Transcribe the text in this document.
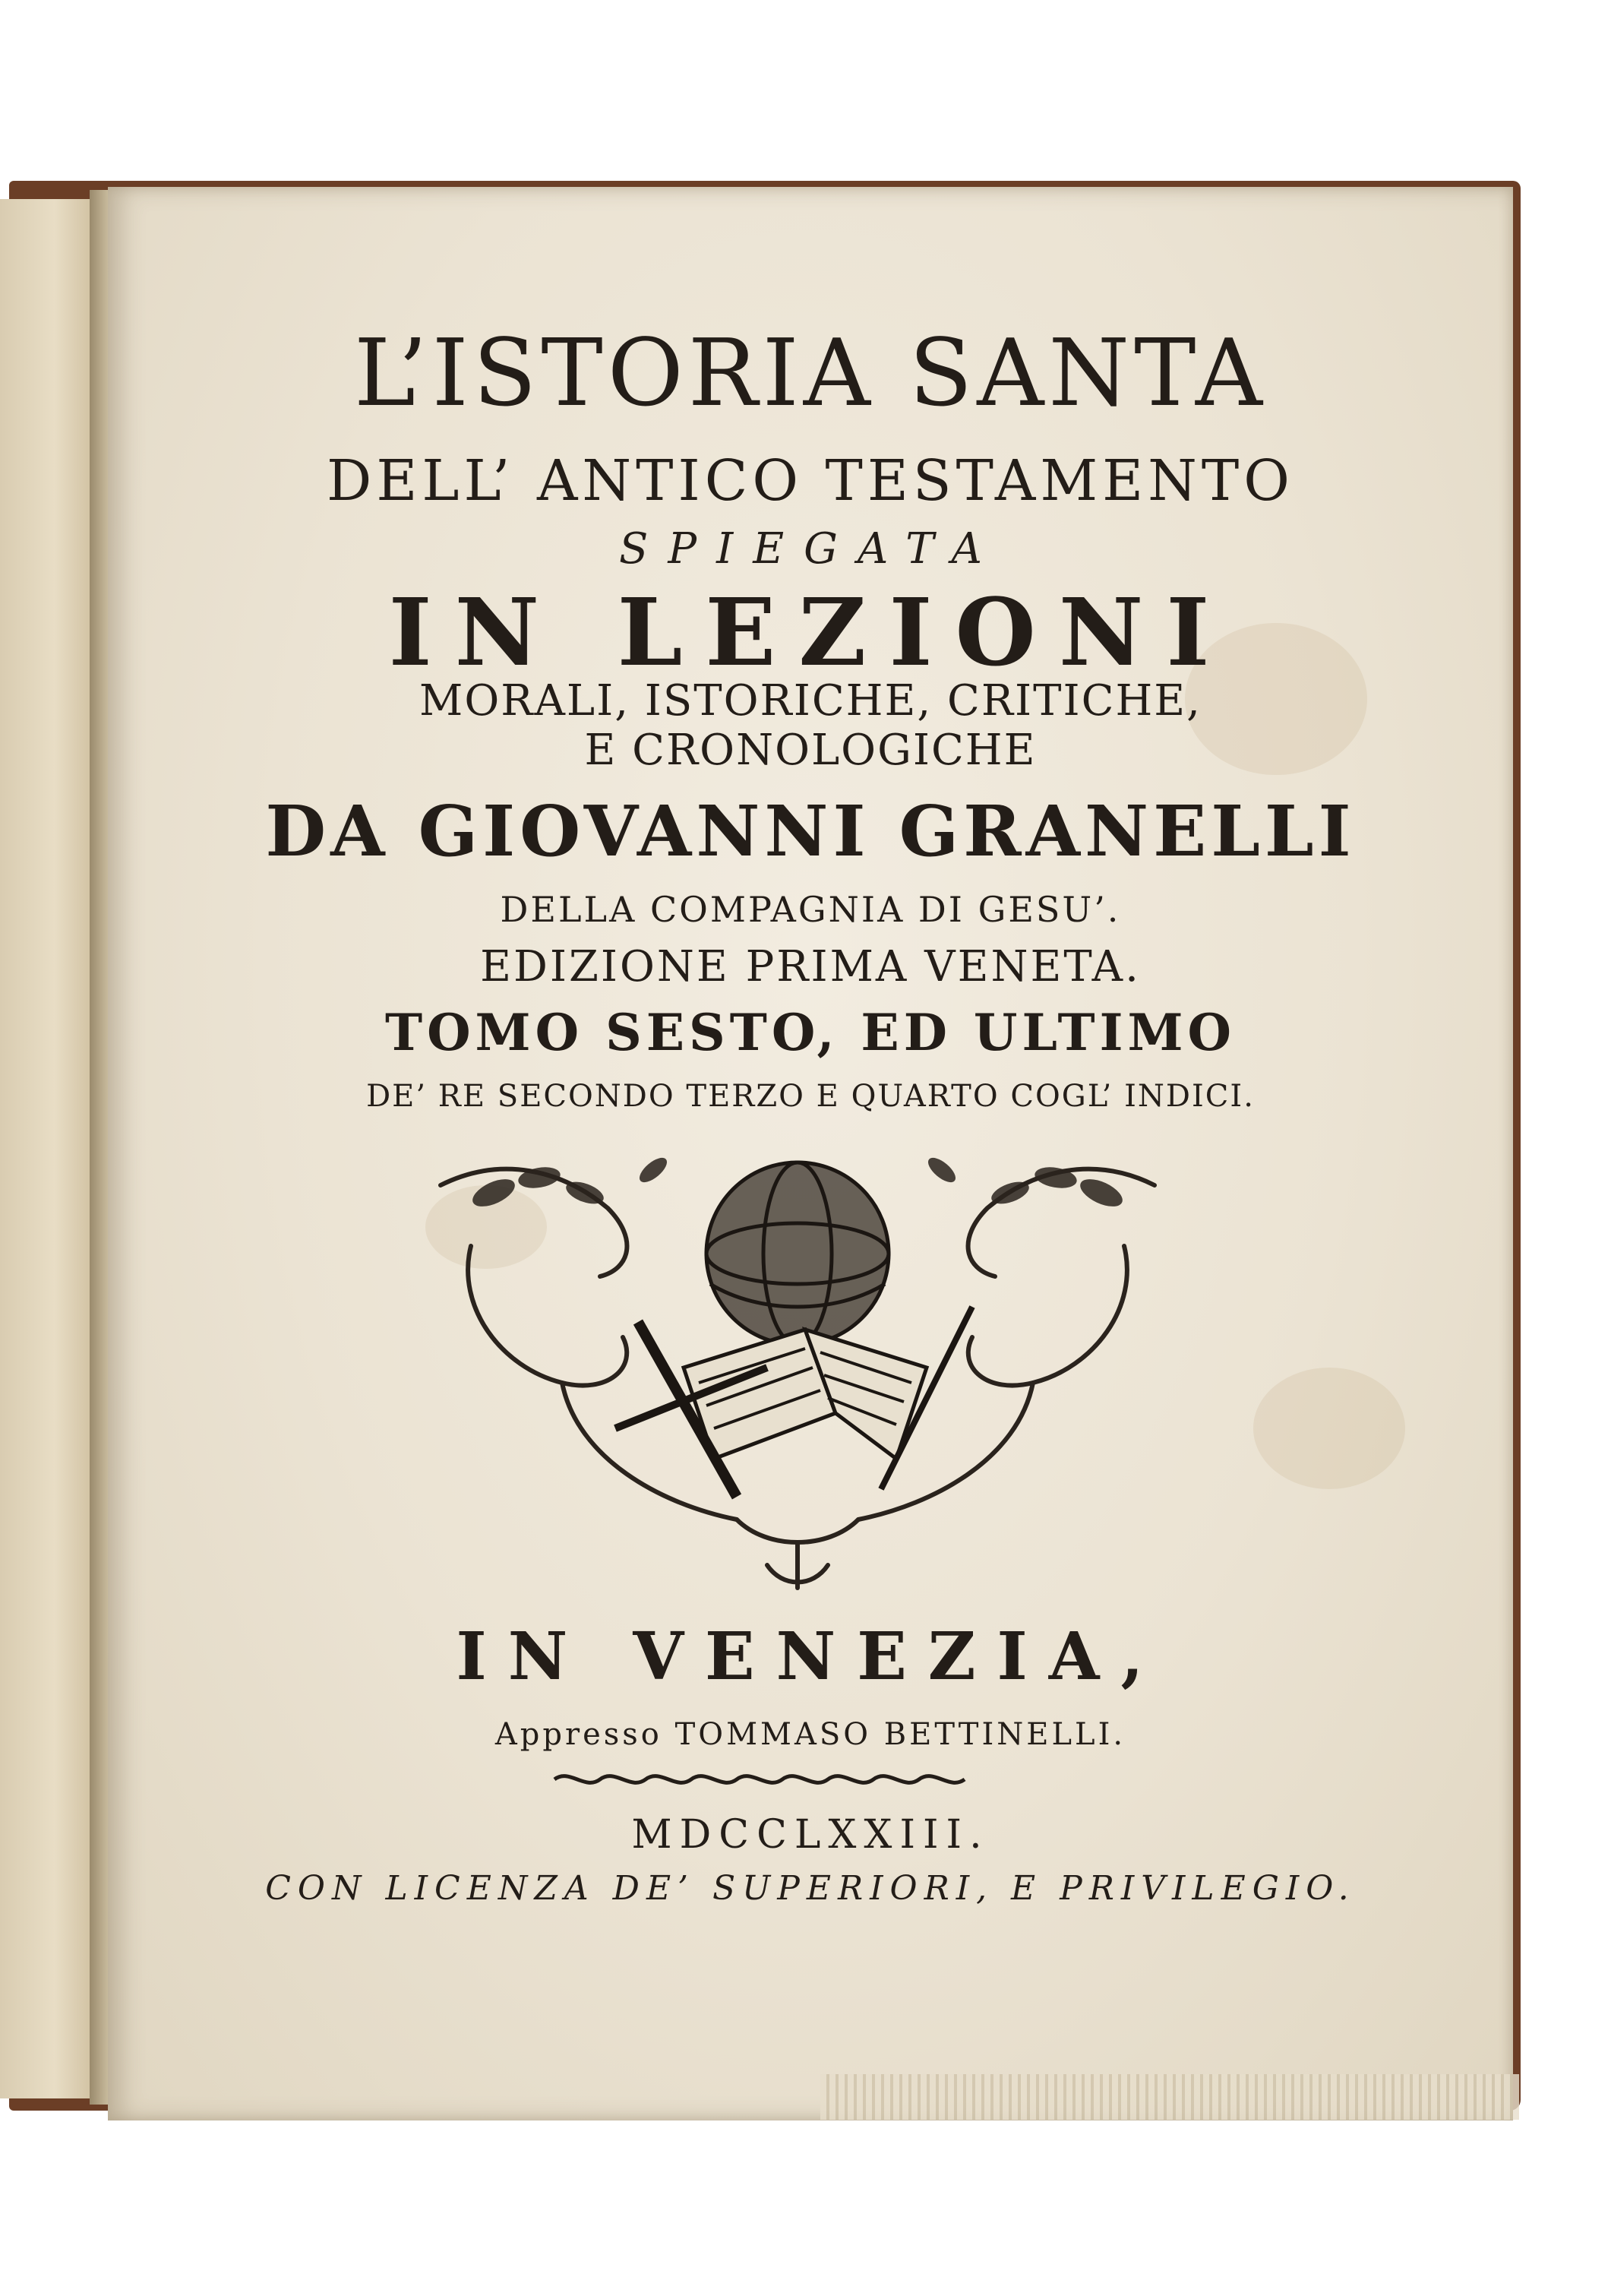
L’ISTORIA SANTA

DELL’ ANTICO TESTAMENTO

SPIEGATA

IN LEZIONI

MORALI, ISTORICHE, CRITICHE,

E CRONOLOGICHE

DA GIOVANNI GRANELLI

DELLA COMPAGNIA DI GESU’.

EDIZIONE PRIMA VENETA.

TOMO SESTO, ED ULTIMO

DE’ RE SECONDO TERZO E QUARTO COGL’ INDICI.

IN VENEZIA,

Appresso TOMMASO BETTINELLI.

MDCCLXXIII.

CON LICENZA DE’ SUPERIORI, E PRIVILEGIO.
